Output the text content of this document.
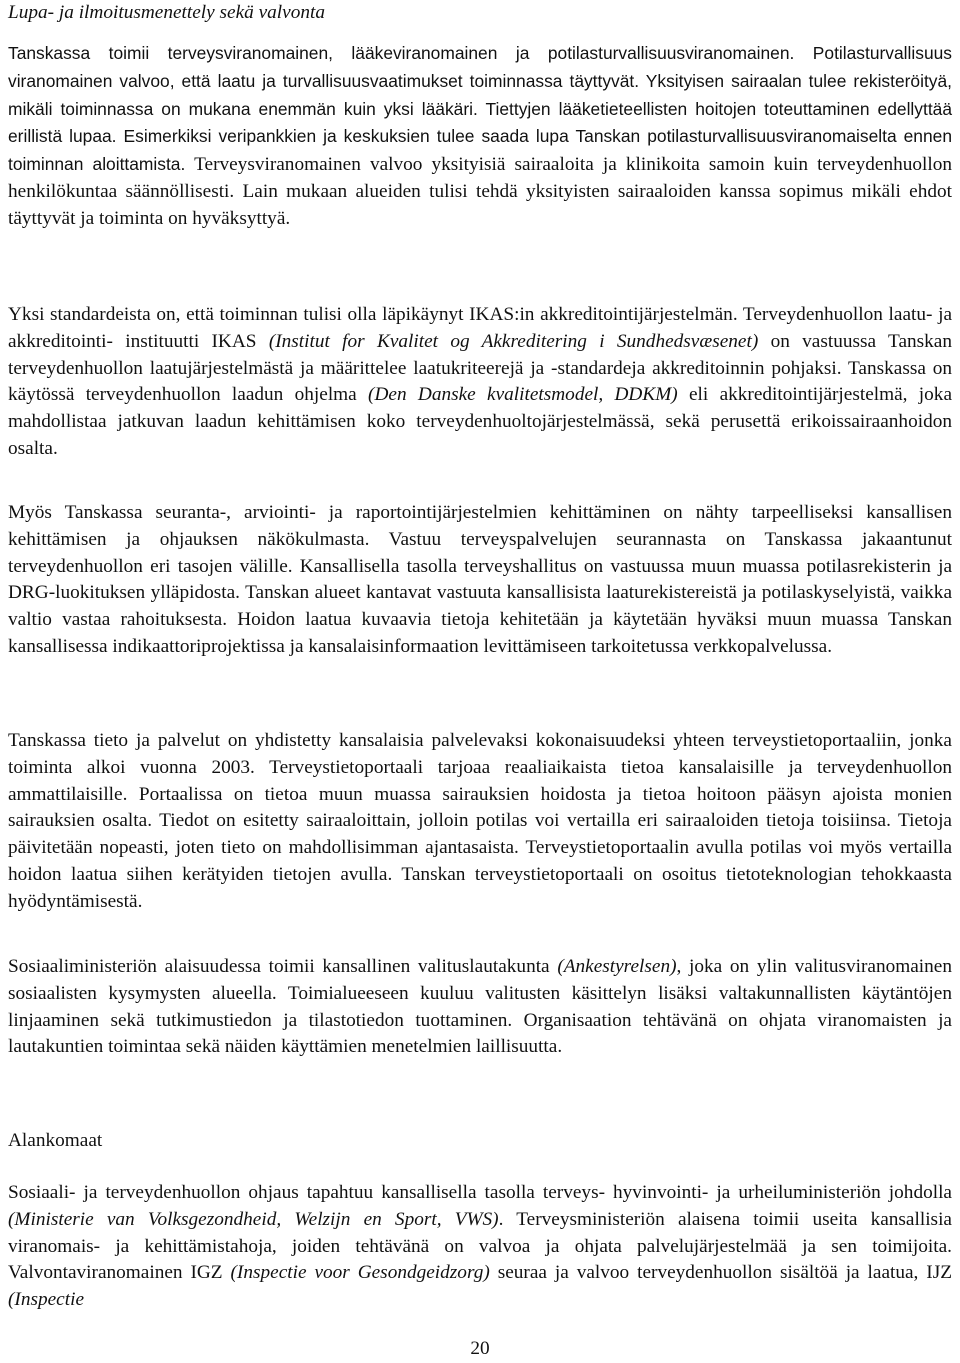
Lupa- ja ilmoitusmenettely sekä valvonta

Tanskassa toimii terveysviranomainen, lääkeviranomainen ja potilasturvallisuusviranomainen. Potilasturvallisuus viranomainen valvoo, että laatu ja turvallisuusvaatimukset toiminnassa täyttyvät. Yksityisen sairaalan tulee rekisteröityä, mikäli toiminnassa on mukana enemmän kuin yksi lääkäri. Tiettyjen lääketieteellisten hoitojen toteuttaminen edellyttää erillistä lupaa. Esimerkiksi veripankkien ja keskuksien tulee saada lupa Tanskan potilasturvallisuusviranomaiselta ennen toiminnan aloittamista. Terveysviranomainen valvoo yksityisiä sairaaloita ja klinikoita samoin kuin terveydenhuollon henkilökuntaa säännöllisesti. Lain mukaan alueiden tulisi tehdä yksityisten sairaaloiden kanssa sopimus mikäli ehdot täyttyvät ja toiminta on hyväksyttyä.

Yksi standardeista on, että toiminnan tulisi olla läpikäynyt IKAS:in akkreditointijärjestelmän. Terveydenhuollon laatu- ja akkreditointi- instituutti IKAS (Institut for Kvalitet og Akkreditering i Sundhedsvæsenet) on vastuussa Tanskan terveydenhuollon laatujärjestelmästä ja määrittelee laatukriteerejä ja -standardeja akkreditoinnin pohjaksi. Tanskassa on käytössä terveydenhuollon laadun ohjelma (Den Danske kvalitetsmodel, DDKM) eli akkreditointijärjestelmä, joka mahdollistaa jatkuvan laadun kehittämisen koko terveydenhuoltojärjestelmässä, sekä perusettä erikoissairaanhoidon osalta.

Myös Tanskassa seuranta-, arviointi- ja raportointijärjestelmien kehittäminen on nähty tarpeelliseksi kansallisen kehittämisen ja ohjauksen näkökulmasta. Vastuu terveyspalvelujen seurannasta on Tanskassa jakaantunut terveydenhuollon eri tasojen välille. Kansallisella tasolla terveyshallitus on vastuussa muun muassa potilasrekisterin ja DRG-luokituksen ylläpidosta. Tanskan alueet kantavat vastuuta kansallisista laaturekistereistä ja potilaskyselyistä, vaikka valtio vastaa rahoituksesta. Hoidon laatua kuvaavia tietoja kehitetään ja käytetään hyväksi muun muassa Tanskan kansallisessa indikaattoriprojektissa ja kansalaisinformaation levittämiseen tarkoitetussa verkkopalvelussa.

Tanskassa tieto ja palvelut on yhdistetty kansalaisia palvelevaksi kokonaisuudeksi yhteen terveystietoportaaliin, jonka toiminta alkoi vuonna 2003. Terveystietoportaali tarjoaa reaaliaikaista tietoa kansalaisille ja terveydenhuollon ammattilaisille. Portaalissa on tietoa muun muassa sairauksien hoidosta ja tietoa hoitoon pääsyn ajoista monien sairauksien osalta. Tiedot on esitetty sairaaloittain, jolloin potilas voi vertailla eri sairaaloiden tietoja toisiinsa. Tietoja päivitetään nopeasti, joten tieto on mahdollisimman ajantasaista. Terveystietoportaalin avulla potilas voi myös vertailla hoidon laatua siihen kerätyiden tietojen avulla. Tanskan terveystietoportaali on osoitus tietoteknologian tehokkaasta hyödyntämisestä.

Sosiaaliministeriön alaisuudessa toimii kansallinen valituslautakunta (Ankestyrelsen), joka on ylin valitusviranomainen sosiaalisten kysymysten alueella. Toimialueeseen kuuluu valitusten käsittelyn lisäksi valtakunnallisten käytäntöjen linjaaminen sekä tutkimustiedon ja tilastotiedon tuottaminen. Organisaation tehtävänä on ohjata viranomaisten ja lautakuntien toimintaa sekä näiden käyttämien menetelmien laillisuutta.

Alankomaat

Sosiaali- ja terveydenhuollon ohjaus tapahtuu kansallisella tasolla terveys- hyvinvointi- ja urheiluministeriön johdolla (Ministerie van Volksgezondheid, Welzijn en Sport, VWS). Terveysministeriön alaisena toimii useita kansallisia viranomais- ja kehittämistahoja, joiden tehtävänä on valvoa ja ohjata palvelujärjestelmää ja sen toimijoita. Valvontaviranomainen IGZ (Inspectie voor Gesondgeidzorg) seuraa ja valvoo terveydenhuollon sisältöä ja laatua, IJZ (Inspectie

20
